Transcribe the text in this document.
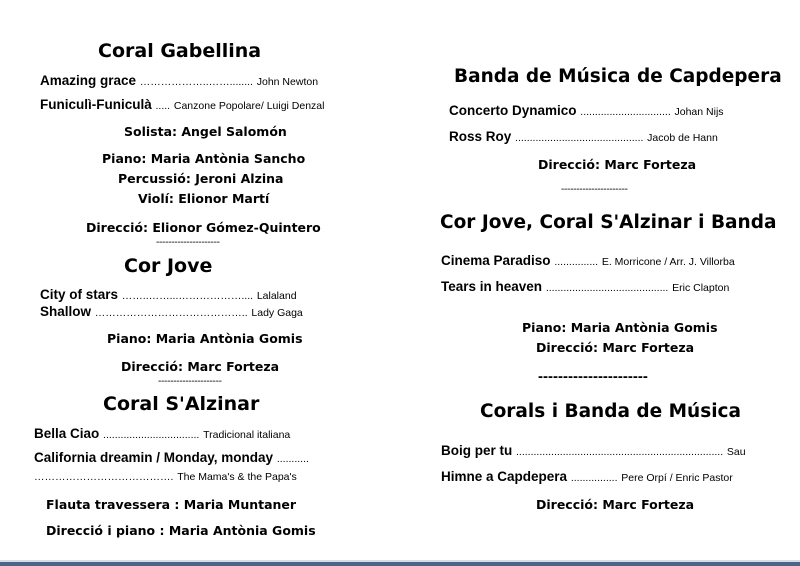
Coral Gabellina
Amazing grace ………………..……........ John Newton
Funiculì-Funiculà ..... Canzone Popolare/ Luigi Denzal
Solista: Angel Salomón
Piano: Maria Antònia Sancho
Percussió: Jeroni Alzina
Violí: Elionor Martí
Direcció: Elionor Gómez-Quintero
---------------------
Cor Jove
City of stars ……..……...……………….... Lalaland
Shallow …………………………………….. Lady Gaga
Piano: Maria Antònia Gomis
Direcció: Marc Forteza
---------------------
Coral S'Alzinar
Bella Ciao ................................. Tradicional italiana
California dreamin / Monday, monday ...........
…………………………………. The Mama's & the Papa's
Flauta travessera : Maria Muntaner
Direcció i piano : Maria Antònia Gomis
Banda de Música de Capdepera
Concerto Dynamico ............................... Johan Nijs
Ross Roy ............................................ Jacob de Hann
Direcció: Marc Forteza
----------------------
Cor Jove, Coral S'Alzinar i Banda
Cinema Paradiso ............... E. Morricone / Arr. J. Villorba
Tears in heaven .......................................... Eric Clapton
Piano: Maria Antònia Gomis
Direcció: Marc Forteza
----------------------
Corals i Banda de Música
Boig per tu ....................................................................... Sau
Himne a Capdepera ................ Pere Orpí / Enric Pastor
Direcció: Marc Forteza
